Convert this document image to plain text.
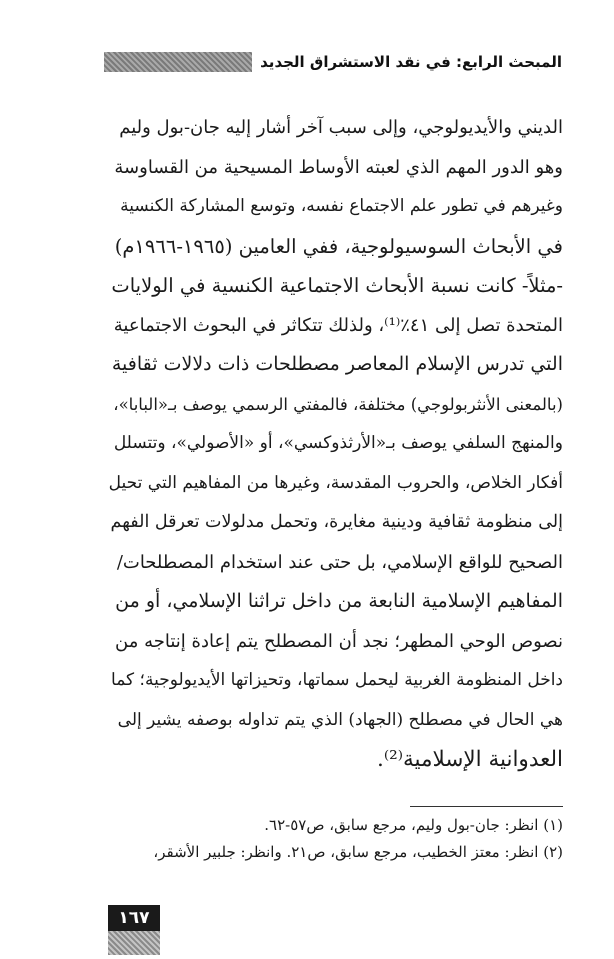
المبحث الرابع: في نقد الاستشراق الجديد
الديني والأيديولوجي، وإلى سبب آخر أشار إليه جان-بول وليم
وهو الدور المهم الذي لعبته الأوساط المسيحية من القساوسة
وغيرهم في تطور علم الاجتماع نفسه، وتوسع المشاركة الكنسية
في الأبحاث السوسيولوجية، ففي العامين (١٩٦٥-١٩٦٦م)
-مثلاً- كانت نسبة الأبحاث الاجتماعية الكنسية في الولايات
المتحدة تصل إلى ٤١٪⁽¹⁾، ولذلك تتكاثر في البحوث الاجتماعية
التي تدرس الإسلام المعاصر مصطلحات ذات دلالات ثقافية
(بالمعنى الأنثربولوجي) مختلفة، فالمفتي الرسمي يوصف بـ«البابا»،
والمنهج السلفي يوصف بـ«الأرثذوكسي»، أو «الأصولي»، وتتسلل
أفكار الخلاص، والحروب المقدسة، وغيرها من المفاهيم التي تحيل
إلى منظومة ثقافية ودينية مغايرة، وتحمل مدلولات تعرقل الفهم
الصحيح للواقع الإسلامي، بل حتى عند استخدام المصطلحات/
المفاهيم الإسلامية النابعة من داخل تراثنا الإسلامي، أو من
نصوص الوحي المطهر؛ نجد أن المصطلح يتم إعادة إنتاجه من
داخل المنظومة الغربية ليحمل سماتها، وتحيزاتها الأيديولوجية؛ كما
هي الحال في مصطلح (الجهاد) الذي يتم تداوله بوصفه يشير إلى
العدوانية الإسلامية⁽²⁾.
(١) انظر: جان-بول وليم، مرجع سابق، ص٥٧-٦٢.
(٢) انظر: معتز الخطيب، مرجع سابق، ص٢١. وانظر: جلبير الأشقر،
١٦٧
